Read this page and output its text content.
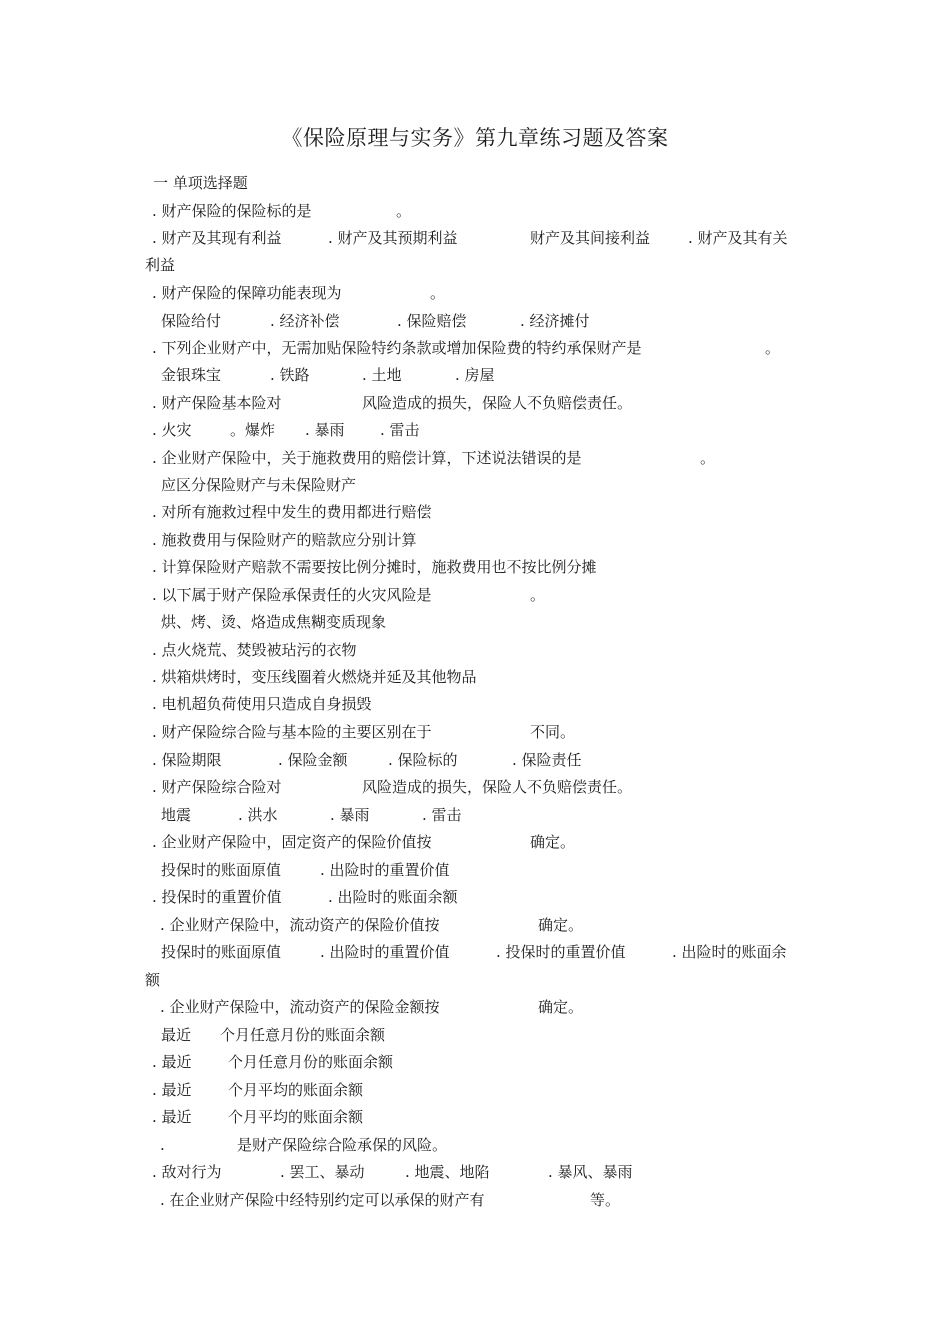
《保险原理与实务》第九章练习题及答案
一 单项选择题
. 财产保险的保险标的是	。
. 财产及其现有利益	. 财产及其预期利益	财产及其间接利益	. 财产及其有关
利益
. 财产保险的保障功能表现为	。
保险给付	. 经济补偿	. 保险赔偿	. 经济摊付
. 下列企业财产中，无需加贴保险特约条款或增加保险费的特约承保财产是	。
金银珠宝	. 铁路	. 土地	. 房屋
. 财产保险基本险对	风险造成的损失，保险人不负赔偿责任。
. 火灾	。爆炸 . 暴雨 . 雷击
. 企业财产保险中，关于施救费用的赔偿计算，下述说法错误的是	。
应区分保险财产与未保险财产
. 对所有施救过程中发生的费用都进行赔偿
. 施救费用与保险财产的赔款应分别计算
. 计算保险财产赔款不需要按比例分摊时，施救费用也不按比例分摊
. 以下属于财产保险承保责任的火灾风险是	。
烘、烤、烫、烙造成焦糊变质现象
. 点火烧荒、焚毁被玷污的衣物
. 烘箱烘烤时，变压线圈着火燃烧并延及其他物品
. 电机超负荷使用只造成自身损毁
. 财产保险综合险与基本险的主要区别在于	不同。
. 保险期限	. 保险金额	. 保险标的	. 保险责任
. 财产保险综合险对	风险造成的损失，保险人不负赔偿责任。
地震	. 洪水	. 暴雨	. 雷击
. 企业财产保险中，固定资产的保险价值按	确定。
投保时的账面原值	. 出险时的重置价值
. 投保时的重置价值	. 出险时的账面余额
. 企业财产保险中，流动资产的保险价值按	确定。
投保时的账面原值	. 出险时的重置价值	. 投保时的重置价值	. 出险时的账面余
额
. 企业财产保险中，流动资产的保险金额按	确定。
最近 个月任意月份的账面余额
. 最近 个月任意月份的账面余额
. 最近 个月平均的账面余额
. 最近 个月平均的账面余额
.	是财产保险综合险承保的风险。
. 敌对行为	. 罢工、暴动	. 地震、地陷	. 暴风、暴雨
. 在企业财产保险中经特别约定可以承保的财产有	等。
